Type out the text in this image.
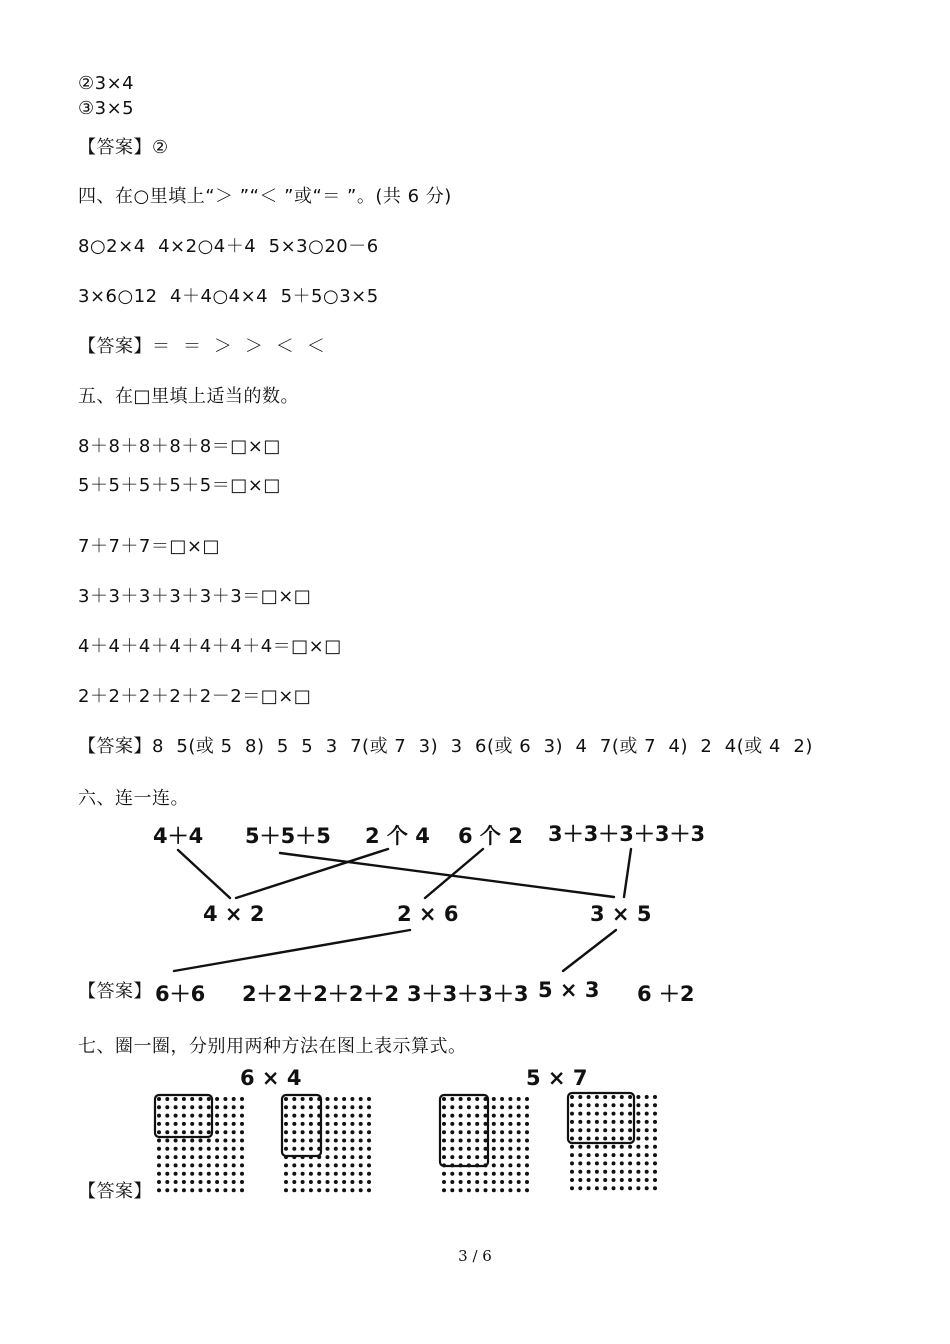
②3×4
③3×5
【答案】②
四、在○里填上“＞ ”“＜ ”或“＝ ”。(共 6 分)
8○2×4  4×2○4＋4  5×3○20－6
3×6○12  4＋4○4×4  5＋5○3×5
【答案】＝  ＝  ＞  ＞  ＜  ＜
五、在□里填上适当的数。
8＋8＋8＋8＋8＝□×□
5＋5＋5＋5＋5＝□×□
7＋7＋7＝□×□
3＋3＋3＋3＋3＋3＝□×□
4＋4＋4＋4＋4＋4＋4＝□×□
2＋2＋2＋2＋2－2＝□×□
【答案】8  5(或 5  8)  5  5  3  7(或 7  3)  3  6(或 6  3)  4  7(或 7  4)  2  4(或 4  2)
六、连一连。
4＋4 5＋5＋5 2 个 4 6 个 2 3＋3＋3＋3＋3
4 × 2	2 × 6	3 × 5
【答案】 6＋6 2＋2＋2＋2＋2 3＋3＋3＋3 5 × 3 6 ＋2
七、圈一圈，分别用两种方法在图上表示算式。
6 × 4	5 × 7
【答案】
3 / 6
